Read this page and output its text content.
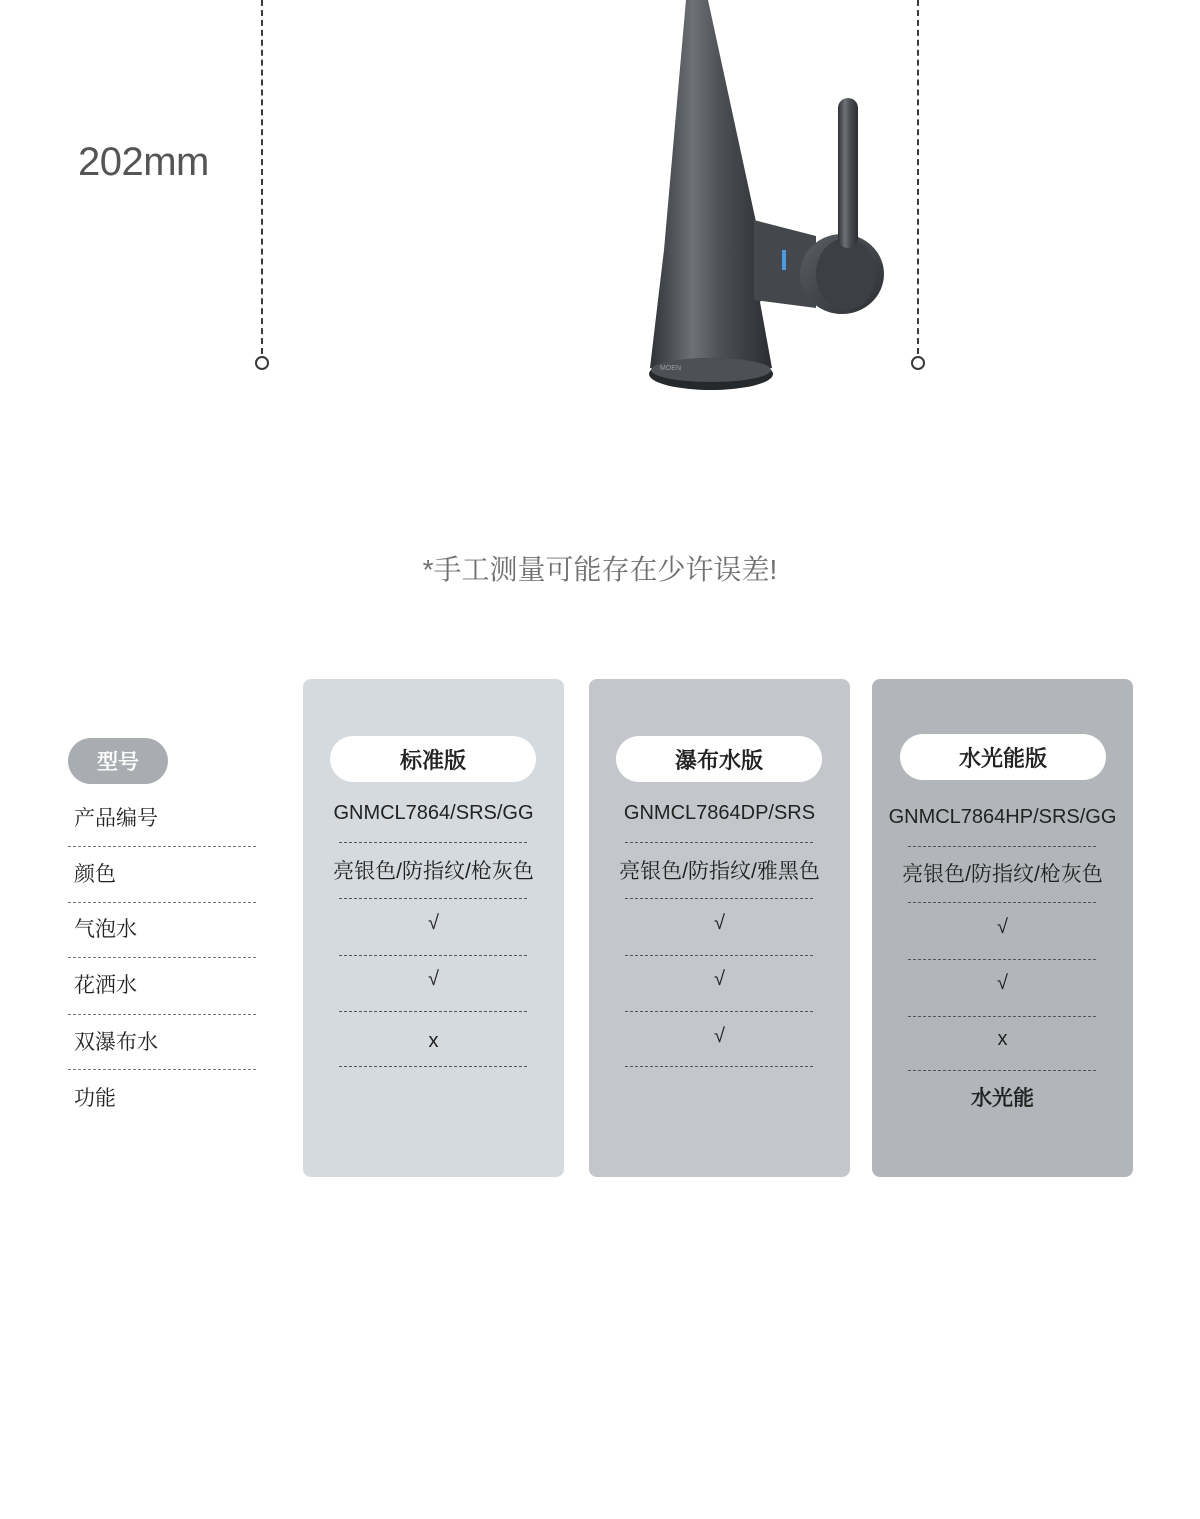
202mm
MOEN
*手工测量可能存在少许误差!
型号
产品编号
颜色
气泡水
花洒水
双瀑布水
功能
标准版
GNMCL7864/SRS/GG
亮银色/防指纹/枪灰色
√
√
x
瀑布水版
GNMCL7864DP/SRS
亮银色/防指纹/雅黑色
√
√
√
水光能版
GNMCL7864HP/SRS/GG
亮银色/防指纹/枪灰色
√
√
x
水光能
